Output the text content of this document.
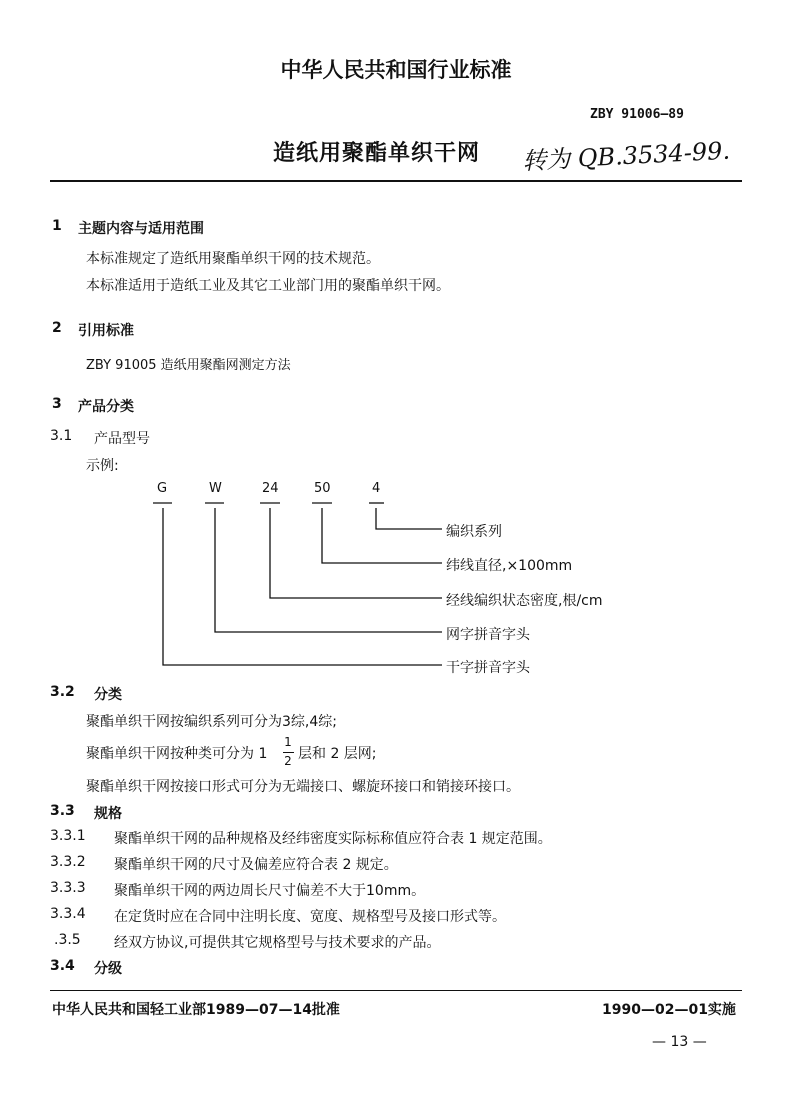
中华人民共和国行业标准
ZBY 91006—89
造纸用聚酯单织干网 转为 QB.3534-99.
1 主题内容与适用范围
本标准规定了造纸用聚酯单织干网的技术规范。
本标准适用于造纸工业及其它工业部门用的聚酯单织干网。
2 引用标准
ZBY 91005 造纸用聚酯网测定方法
3 产品分类
3.1 产品型号
示例:
G	W	24	50	4
编织系列
纬线直径,×100mm
经线编织状态密度,根/cm
网字拼音字头
干字拼音字头
3.2 分类
聚酯单织干网按编织系列可分为3综,4综;
聚酯单织干网按种类可分为 1
1
2 层和 2 层网;
聚酯单织干网按接口形式可分为无端接口、螺旋环接口和销接环接口。
3.3 规格
3.3.1 聚酯单织干网的品种规格及经纬密度实际标称值应符合表 1 规定范围。
3.3.2 聚酯单织干网的尺寸及偏差应符合表 2 规定。
3.3.3 聚酯单织干网的两边周长尺寸偏差不大于10mm。
3.3.4 在定货时应在合同中注明长度、宽度、规格型号及接口形式等。
.3.5 经双方协议,可提供其它规格型号与技术要求的产品。
3.4 分级
中华人民共和国轻工业部1989—07—14批准	1990—02—01实施
— 13 —
